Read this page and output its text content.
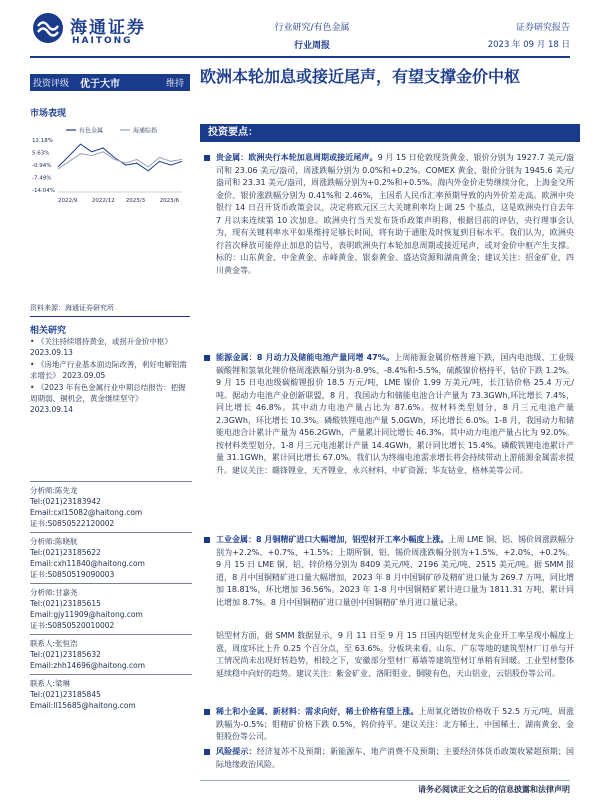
海通证券
HAITONG
行业研究/有色金属
行业周报
证券研究报告
2023 年 09 月 18 日
投资评级	优于大市	维持	欧洲本轮加息或接近尾声，有望支撑金价中枢
市场表现
有色金属	海通综指
12.18%
5.63%
-0.94%
-7.49%
-14.04%
2022/9	2022/12 2023/3	2023/6
资料来源：海通证券研究所
相关研究
• 《关注持续增持黄金，或拐升金价中枢》
2023.09.13
• 《房地产行业基本面边际改善，利好电解铝需求增长》 2023.09.05
• 《2023 年有色金属行业中期总结报告：把握周期弱、铜机会，黄金继续坚守》
2023.09.14
分析师:陈先龙
Tel:(021)23183942
Email:cxl15082@haitong.com
证书:S0850522120002
分析师:陈晓航
Tel:(021)23185622
Email:cxh11840@haitong.com
证书:S0850519090003
分析师:甘嘉尧
Tel:(021)23185615
Email:gjy11909@haitong.com
证书:S0850520010002
联系人:张恒浩
Tel:(021)23185632
Email:zhh14696@haitong.com
联系人:梁琳
Tel:(021)23185845
Email:ll15685@haitong.com
投资要点：
贵金属：欧洲央行本轮加息周期或接近尾声。9 月 15 日伦敦现货黄金、银价分别为 1927.7 美元/盎司和 23.06 美元/盎司，周涨跌幅分别为 0.0%和+0.2%。COMEX 黄金、银价分别为 1945.6 美元/盎司和 23.31 美元/盎司，周涨跌幅分别为+0.2%和+0.5%。海内外金价走势继续分化，上海金交所金价、银价涨跌幅分别为 0.41%和 2.46%，主因系人民币汇率预期导致的内外价差走高。欧洲中央银行 14 日召开货币政策会议，决定将欧元区三大关键利率均上调 25 个基点，这是欧洲央行自去年 7 月以来连续第 10 次加息。欧洲央行当天发布货币政策声明称，根据目前的评估，央行理事会认为，现有关键利率水平如果维持足够长时间，将有助于通胀及时恢复到目标水平。我们认为，欧洲央行首次释放可能停止加息的信号，表明欧洲央行本轮加息周期或接近尾声，或对金价中枢产生支撑。标的：山东黄金、中金黄金、赤峰黄金、银泰黄金、盛达资源和湖南黄金；建议关注：招金矿业、四川黄金等。
能源金属：8 月动力及储能电池产量同增 47%。上周能源金属价格普遍下跌，国内电池级、工业级碳酸锂和氢氧化锂价格周涨跌幅分别为-8.9%、-8.4%和-5.5%，硫酸镍价格持平，钴价下跌 1.2%。9 月 15 日电池级碳酸锂报价 18.5 万元/吨，LME 镍价 1.99 万美元/吨，长江钴价格 25.4 万元/吨。据动力电池产业创新联盟，8 月，我国动力和储能电池合计产量为 73.3GWh,环比增长 7.4%，同比增长 46.8%。其中动力电池产量占比为 87.6%。按材料类型划分，8 月三元电池产量 2.3GWh，环比增长 10.3%。磷酸铁锂电池产量 5.0GWh，环比增长 6.0%。1-8 月，我国动力和储能电池合计累计产量为 456.2GWh，产量累计同比增长 46.3%。其中动力电池产量占比为 92.0%。按材料类型划分，1-8 月三元电池累计产量 14.4GWh，累计同比增长 15.4%。磷酸铁锂电池累计产量 31.1GWh，累计同比增长 67.0%。我们认为终端电池需求增长将会持续带动上游能源金属需求提升。建议关注：赣锋锂业、天齐锂业、永兴材料、中矿资源；华友钴业、格林美等公司。
工业金属：8 月铜精矿进口大幅增加，铝型材开工率小幅度上涨。上周 LME 铜、铝、锡价周涨跌幅分别为+2.2%、+0.7%、+1.5%；上期所铜、铝、锡价周涨跌幅分别为+1.5%、+2.0%、+0.2%。9 月 15 日 LME 铜、铝、锌价格分别为 8409 美元/吨、2196 美元/吨、2515 美元/吨。据 SMM 报道，8 月中国铜精矿进口量大幅增加，2023 年 8 月中国铜矿砂及精矿进口量为 269.7 万吨，同比增加 18.81%，环比增加 36.56%。2023 年 1-8 月中国铜精矿累计进口量为 1811.31 万吨，累计同比增加 8.7%。8 月中国铜精矿进口量创中国铜精矿单月进口量记录。
铝型材方面，据 SMM 数据显示，9 月 11 日至 9 月 15 日国内铝型材龙头企业开工率呈现小幅度上涨，周度环比上升 0.25 个百分点，至 63.6%。分板块来看，山东、广东等地的建筑型材厂订单与开工情况尚未出现好转趋势，相较之下，安徽部分型材厂幕墙等建筑型材订单稍有回暖。工业型材整体延续稳中向好的趋势。建议关注：紫金矿业、洛阳钼业、铜陵有色，天山铝业，云铝股份等公司。
稀土和小金属、新材料：需求向好，稀土价格有望上涨。上周氧化镨钕价格收于 52.5 万元/吨，周涨跌幅为-0.5%；钼精矿价格下跌 0.5%，钨价持平。建议关注：北方稀土、中国稀土、湖南黄金、金钼股份等公司。
风险提示：经济复苏不及预期；新能源车、地产消费不及预期；主要经济体货币政策收紧超预期；国际地缘政治风险。
请务必阅读正文之后的信息披露和法律声明
